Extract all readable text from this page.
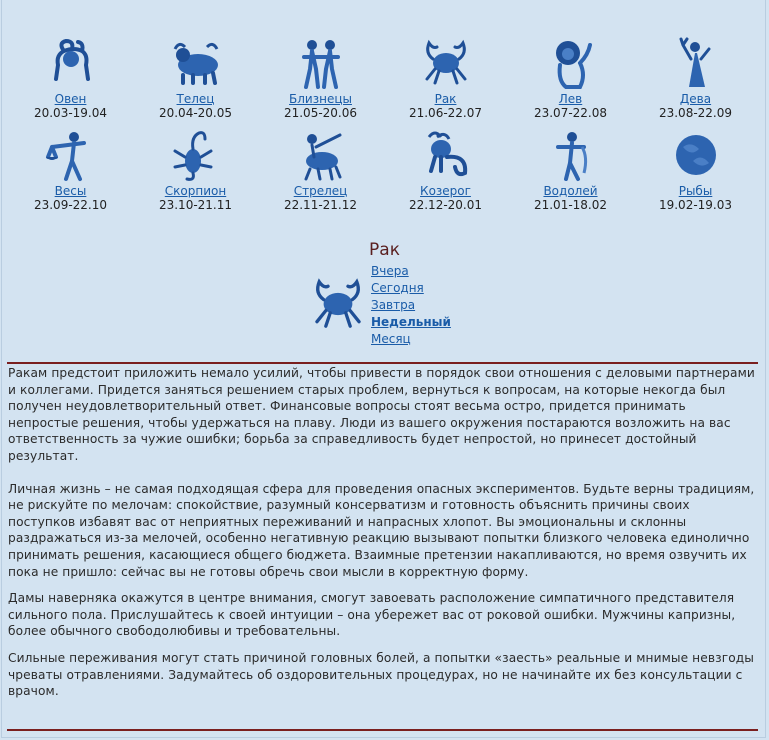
Овен
20.03-19.04
Телец
20.04-20.05
Близнецы
21.05-20.06
Рак
21.06-22.07
Лев
23.07-22.08
Дева
23.08-22.09
Весы
23.09-22.10
Скорпион
23.10-21.11
Стрелец
22.11-21.12
Козерог
22.12-20.01
Водолей
21.01-18.02
Рыбы
19.02-19.03
Рак
Вчера
Сегодня
Завтра
Недельный
Месяц

Ракам предстоит приложить немало усилий, чтобы привести в порядок свои отношения с деловыми партнерами и коллегами. Придется заняться решением старых проблем, вернуться к вопросам, на которые некогда был получен неудовлетворительный ответ. Финансовые вопросы стоят весьма остро, придется принимать непростые решения, чтобы удержаться на плаву. Люди из вашего окружения постараются возложить на вас ответственность за чужие ошибки; борьба за справедливость будет непростой, но принесет достойный результат.

Личная жизнь – не самая подходящая сфера для проведения опасных экспериментов. Будьте верны традициям, не рискуйте по мелочам: спокойствие, разумный консерватизм и готовность объяснить причины своих поступков избавят вас от неприятных переживаний и напрасных хлопот. Вы эмоциональны и склонны раздражаться из-за мелочей, особенно негативную реакцию вызывают попытки близкого человека единолично принимать решения, касающиеся общего бюджета. Взаимные претензии накапливаются, но время озвучить их пока не пришло: сейчас вы не готовы обречь свои мысли в корректную форму.

Дамы наверняка окажутся в центре внимания, смогут завоевать расположение симпатичного представителя сильного пола. Прислушайтесь к своей интуиции – она убережет вас от роковой ошибки. Мужчины капризны, более обычного свободолюбивы и требовательны.

Сильные переживания могут стать причиной головных болей, а попытки «заесть» реальные и мнимые невзгоды чреваты отравлениями. Задумайтесь об оздоровительных процедурах, но не начинайте их без консультации с врачом.
